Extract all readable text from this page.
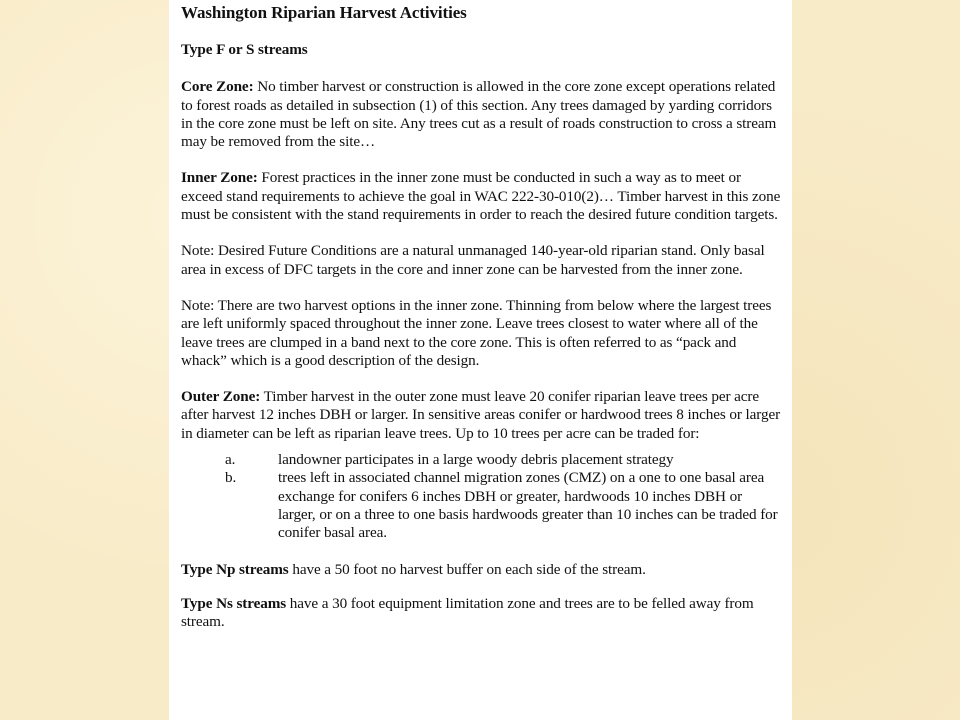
Washington Riparian Harvest Activities
Type F or S streams

Core Zone: No timber harvest or construction is allowed in the core zone except operations related to forest roads as detailed in subsection (1) of this section. Any trees damaged by yarding corridors in the core zone must be left on site. Any trees cut as a result of roads construction to cross a stream may be removed from the site…

Inner Zone: Forest practices in the inner zone must be conducted in such a way as to meet or exceed stand requirements to achieve the goal in WAC 222-30-010(2)… Timber harvest in this zone must be consistent with the stand requirements in order to reach the desired future condition targets.

Note: Desired Future Conditions are a natural unmanaged 140-year-old riparian stand. Only basal area in excess of DFC targets in the core and inner zone can be harvested from the inner zone.

Note: There are two harvest options in the inner zone. Thinning from below where the largest trees are left uniformly spaced throughout the inner zone. Leave trees closest to water where all of the leave trees are clumped in a band next to the core zone. This is often referred to as “pack and whack” which is a good description of the design.

Outer Zone: Timber harvest in the outer zone must leave 20 conifer riparian leave trees per acre after harvest 12 inches DBH or larger. In sensitive areas conifer or hardwood trees 8 inches or larger in diameter can be left as riparian leave trees. Up to 10 trees per acre can be traded for:

a.	landowner participates in a large woody debris placement strategy
b.	trees left in associated channel migration zones (CMZ) on a one to one basal area exchange for conifers 6 inches DBH or greater, hardwoods 10 inches DBH or larger, or on a three to one basis hardwoods greater than 10 inches can be traded for conifer basal area.

Type Np streams have a 50 foot no harvest buffer on each side of the stream.

Type Ns streams have a 30 foot equipment limitation zone and trees are to be felled away from stream.
